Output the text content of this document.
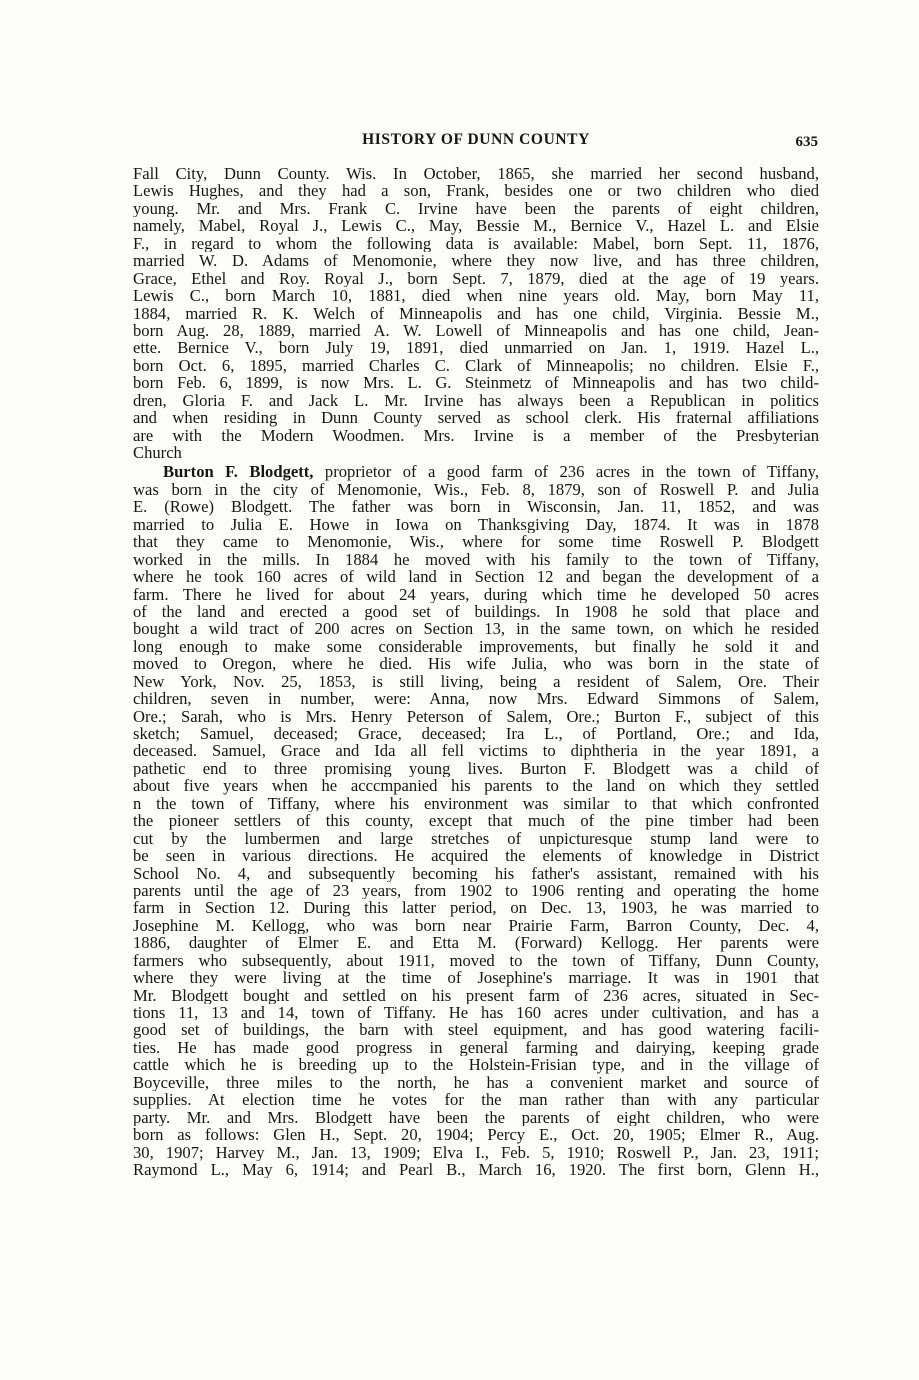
HISTORY OF DUNN COUNTY	635
Fall City, Dunn County. Wis. In October, 1865, she married her second husband,
Lewis Hughes, and they had a son, Frank, besides one or two children who died
young. Mr. and Mrs. Frank C. Irvine have been the parents of eight children,
namely, Mabel, Royal J., Lewis C., May, Bessie M., Bernice V., Hazel L. and Elsie
F., in regard to whom the following data is available: Mabel, born Sept. 11, 1876,
married W. D. Adams of Menomonie, where they now live, and has three children,
Grace, Ethel and Roy. Royal J., born Sept. 7, 1879, died at the age of 19 years.
Lewis C., born March 10, 1881, died when nine years old. May, born May 11,
1884, married R. K. Welch of Minneapolis and has one child, Virginia. Bessie M.,
born Aug. 28, 1889, married A. W. Lowell of Minneapolis and has one child, Jean-
ette. Bernice V., born July 19, 1891, died unmarried on Jan. 1, 1919. Hazel L.,
born Oct. 6, 1895, married Charles C. Clark of Minneapolis; no children. Elsie F.,
born Feb. 6, 1899, is now Mrs. L. G. Steinmetz of Minneapolis and has two child-
dren, Gloria F. and Jack L. Mr. Irvine has always been a Republican in politics
and when residing in Dunn County served as school clerk. His fraternal affiliations
are with the Modern Woodmen. Mrs. Irvine is a member of the Presbyterian
Church
Burton F. Blodgett, proprietor of a good farm of 236 acres in the town of Tiffany,
was born in the city of Menomonie, Wis., Feb. 8, 1879, son of Roswell P. and Julia
E. (Rowe) Blodgett. The father was born in Wisconsin, Jan. 11, 1852, and was
married to Julia E. Howe in Iowa on Thanksgiving Day, 1874. It was in 1878
that they came to Menomonie, Wis., where for some time Roswell P. Blodgett
worked in the mills. In 1884 he moved with his family to the town of Tiffany,
where he took 160 acres of wild land in Section 12 and began the development of a
farm. There he lived for about 24 years, during which time he developed 50 acres
of the land and erected a good set of buildings. In 1908 he sold that place and
bought a wild tract of 200 acres on Section 13, in the same town, on which he resided
long enough to make some considerable improvements, but finally he sold it and
moved to Oregon, where he died. His wife Julia, who was born in the state of
New York, Nov. 25, 1853, is still living, being a resident of Salem, Ore. Their
children, seven in number, were: Anna, now Mrs. Edward Simmons of Salem,
Ore.; Sarah, who is Mrs. Henry Peterson of Salem, Ore.; Burton F., subject of this
sketch; Samuel, deceased; Grace, deceased; Ira L., of Portland, Ore.; and Ida,
deceased. Samuel, Grace and Ida all fell victims to diphtheria in the year 1891, a
pathetic end to three promising young lives. Burton F. Blodgett was a child of
about five years when he acccmpanied his parents to the land on which they settled
n the town of Tiffany, where his environment was similar to that which confronted
the pioneer settlers of this county, except that much of the pine timber had been
cut by the lumbermen and large stretches of unpicturesque stump land were to
be seen in various directions. He acquired the elements of knowledge in District
School No. 4, and subsequently becoming his father's assistant, remained with his
parents until the age of 23 years, from 1902 to 1906 renting and operating the home
farm in Section 12. During this latter period, on Dec. 13, 1903, he was married to
Josephine M. Kellogg, who was born near Prairie Farm, Barron County, Dec. 4,
1886, daughter of Elmer E. and Etta M. (Forward) Kellogg. Her parents were
farmers who subsequently, about 1911, moved to the town of Tiffany, Dunn County,
where they were living at the time of Josephine's marriage. It was in 1901 that
Mr. Blodgett bought and settled on his present farm of 236 acres, situated in Sec-
tions 11, 13 and 14, town of Tiffany. He has 160 acres under cultivation, and has a
good set of buildings, the barn with steel equipment, and has good watering facili-
ties. He has made good progress in general farming and dairying, keeping grade
cattle which he is breeding up to the Holstein-Frisian type, and in the village of
Boyceville, three miles to the north, he has a convenient market and source of
supplies. At election time he votes for the man rather than with any particular
party. Mr. and Mrs. Blodgett have been the parents of eight children, who were
born as follows: Glen H., Sept. 20, 1904; Percy E., Oct. 20, 1905; Elmer R., Aug.
30, 1907; Harvey M., Jan. 13, 1909; Elva I., Feb. 5, 1910; Roswell P., Jan. 23, 1911;
Raymond L., May 6, 1914; and Pearl B., March 16, 1920. The first born, Glenn H.,
